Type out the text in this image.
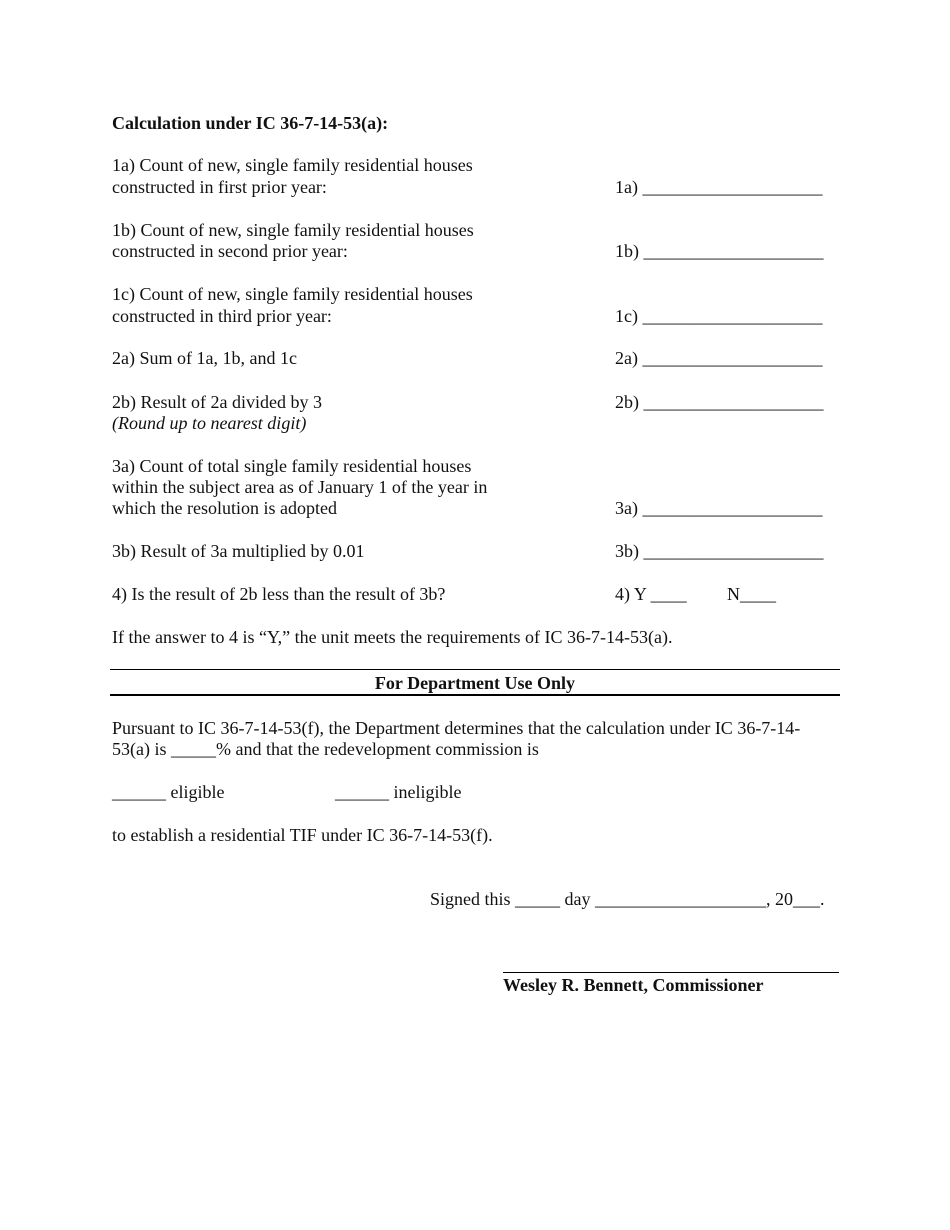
Calculation under IC 36-7-14-53(a):
1a) Count of new, single family residential houses
constructed in first prior year:	1a) ____________________
1b) Count of new, single family residential houses
constructed in second prior year:	1b) ____________________
1c) Count of new, single family residential houses
constructed in third prior year:	1c) ____________________
2a) Sum of 1a, 1b, and 1c	2a) ____________________
2b) Result of 2a divided by 3
(Round up to nearest digit)
2b) ____________________
3a) Count of total single family residential houses
within the subject area as of January 1 of the year in
which the resolution is adopted	3a) ____________________
3b) Result of 3a multiplied by 0.01	3b) ____________________
4) Is the result of 2b less than the result of 3b?	4) Y ____ N____
If the answer to 4 is “Y,” the unit meets the requirements of IC 36-7-14-53(a).
For Department Use Only
Pursuant to IC 36-7-14-53(f), the Department determines that the calculation under IC 36-7-14-
53(a) is _____% and that the redevelopment commission is
______ eligible	______ ineligible
to establish a residential TIF under IC 36-7-14-53(f).
Signed this _____ day ___________________, 20___.
Wesley R. Bennett, Commissioner
